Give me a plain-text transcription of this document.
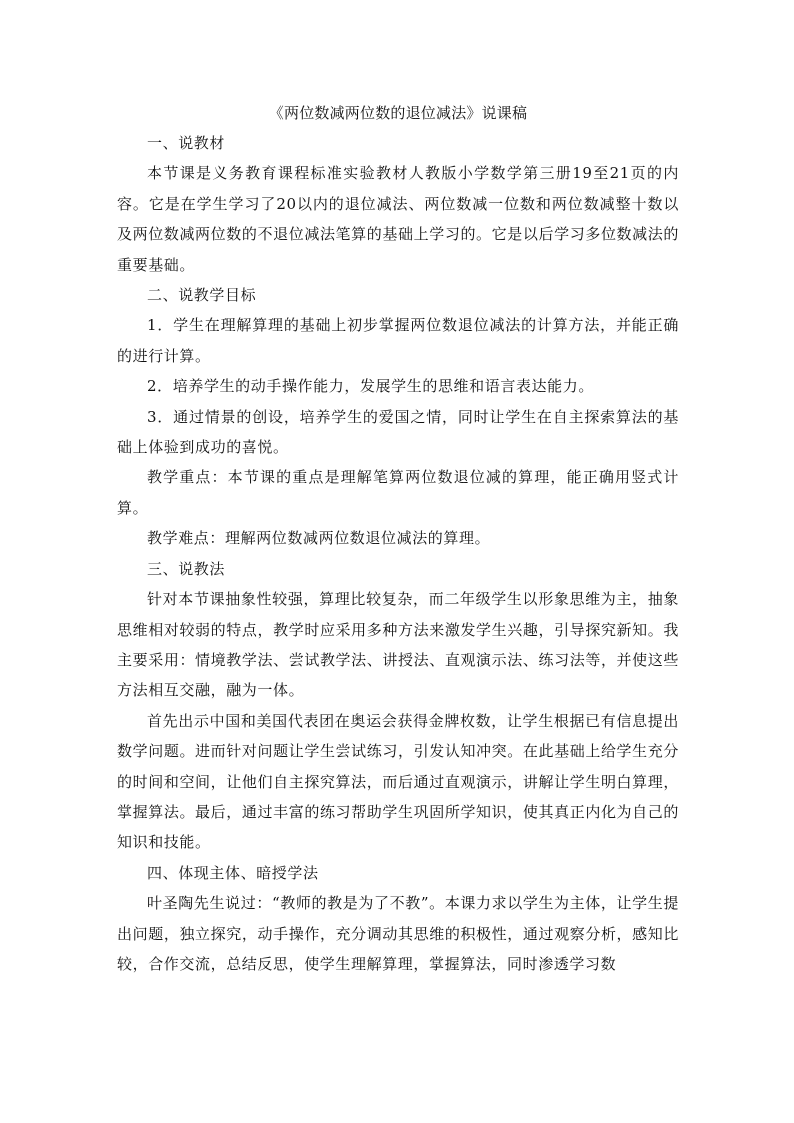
《两位数减两位数的退位减法》说课稿

一、说教材

本节课是义务教育课程标准实验教材人教版小学数学第三册19至21页的内容。它是在学生学习了20以内的退位减法、两位数减一位数和两位数减整十数以及两位数减两位数的不退位减法笔算的基础上学习的。它是以后学习多位数减法的重要基础。

二、说教学目标

1．学生在理解算理的基础上初步掌握两位数退位减法的计算方法，并能正确的进行计算。

2．培养学生的动手操作能力，发展学生的思维和语言表达能力。

3．通过情景的创设，培养学生的爱国之情，同时让学生在自主探索算法的基础上体验到成功的喜悦。

教学重点：本节课的重点是理解笔算两位数退位减的算理，能正确用竖式计算。

教学难点：理解两位数减两位数退位减法的算理。

三、说教法

针对本节课抽象性较强，算理比较复杂，而二年级学生以形象思维为主，抽象思维相对较弱的特点，教学时应采用多种方法来激发学生兴趣，引导探究新知。我主要采用：情境教学法、尝试教学法、讲授法、直观演示法、练习法等，并使这些方法相互交融，融为一体。

首先出示中国和美国代表团在奥运会获得金牌枚数，让学生根据已有信息提出数学问题。进而针对问题让学生尝试练习，引发认知冲突。在此基础上给学生充分的时间和空间，让他们自主探究算法，而后通过直观演示，讲解让学生明白算理，掌握算法。最后，通过丰富的练习帮助学生巩固所学知识，使其真正内化为自己的知识和技能。

四、体现主体、暗授学法

叶圣陶先生说过：“教师的教是为了不教”。本课力求以学生为主体，让学生提出问题，独立探究，动手操作，充分调动其思维的积极性，通过观察分析，感知比较，合作交流，总结反思，使学生理解算理，掌握算法，同时渗透学习数
